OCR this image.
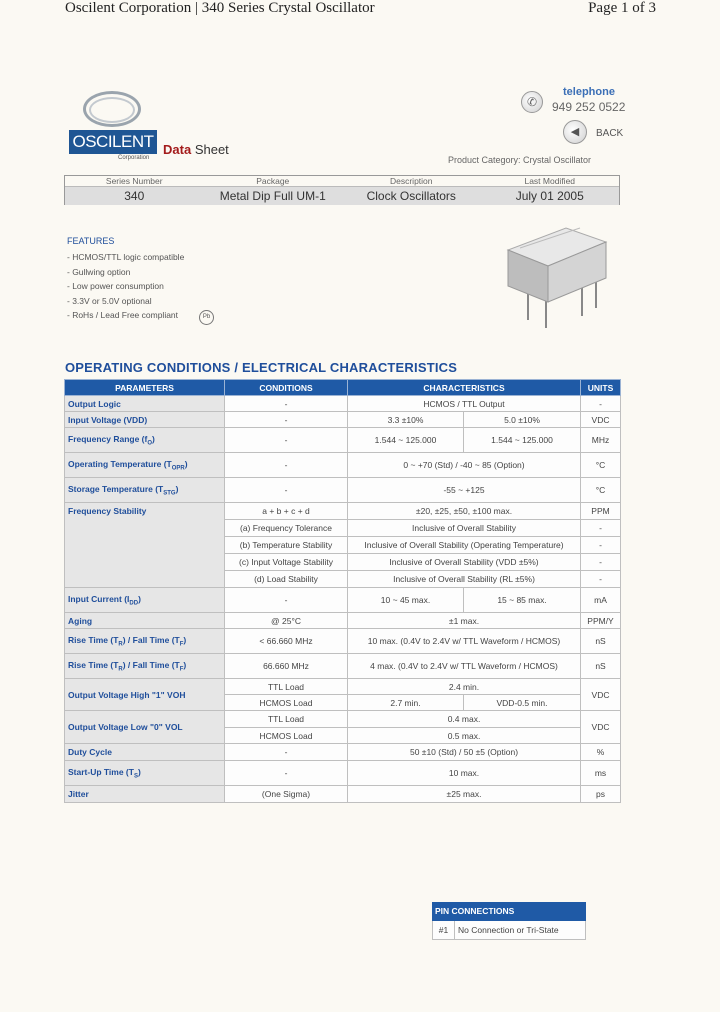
Oscilent Corporation | 340 Series Crystal Oscillator	Page 1 of 3
OSCILENT
Corporation
Data Sheet
✆
telephone
949 252 0522
◀	BACK
Product Category: Crystal Oscillator
Series Number	Package	Description	Last Modified
340	Metal Dip Full UM-1	Clock Oscillators	July 01 2005
FEATURES
- HCMOS/TTL logic compatible
- Gullwing option
- Low power consumption
- 3.3V or 5.0V optional
- RoHs / Lead Free compliant	Pb
OPERATING CONDITIONS / ELECTRICAL CHARACTERISTICS
PARAMETERS	CONDITIONS	CHARACTERISTICS		UNITS
Output Logic	-	HCMOS / TTL Output		-
Input Voltage (VDD)	-	3.3 ±10%	5.0 ±10%	VDC
Frequency Range $(f_O)$	-	1.544 ~ 125.000	1.544 ~ 125.000	MHz
Operating Temperature $(T_{OPR})$	-	0 ~ +70 (Std) / -40 ~ 85 (Option)		°C
Storage Temperature $(T_{STG})$	-	-55 ~ +125		°C
Frequency Stability	a + b + c + d	±20, ±25, ±50, ±100 max.		PPM
	(a) Frequency Tolerance	Inclusive of Overall Stability		-
	(b) Temperature Stability	Inclusive of Overall Stability (Operating Temperature)		-
	(c) Input Voltage Stability	Inclusive of Overall Stability (VDD ±5%)		-
	(d) Load Stability	Inclusive of Overall Stability (RL ±5%)		-
Input Current $(I_{DD})$	-	10 ~ 45 max.	15 ~ 85 max.	mA
Aging	@ 25°C	±1 max.		PPM/Y
Rise Time $(T_R)$ / Fall Time $(T_F)$	< 66.660 MHz	10 max. (0.4V to 2.4V w/ TTL Waveform / HCMOS)		nS
Rise Time $(T_R)$ / Fall Time $(T_F)$	66.660 MHz	4 max. (0.4V to 2.4V w/ TTL Waveform / HCMOS)		nS
Output Voltage High "1" VOH	TTL Load	2.4 min.		VDC
	HCMOS Load	2.7 min.	VDD-0.5 min.	
Output Voltage Low "0" VOL	TTL Load	0.4 max.		VDC
	HCMOS Load	0.5 max.		
Duty Cycle	-	50 ±10 (Std) / 50 ±5 (Option)		%
Start-Up Time $(T_S)$	-	10 max.		ms
Jitter	(One Sigma)	±25 max.		ps
PIN CONNECTIONS
#1	No Connection or Tri-State
